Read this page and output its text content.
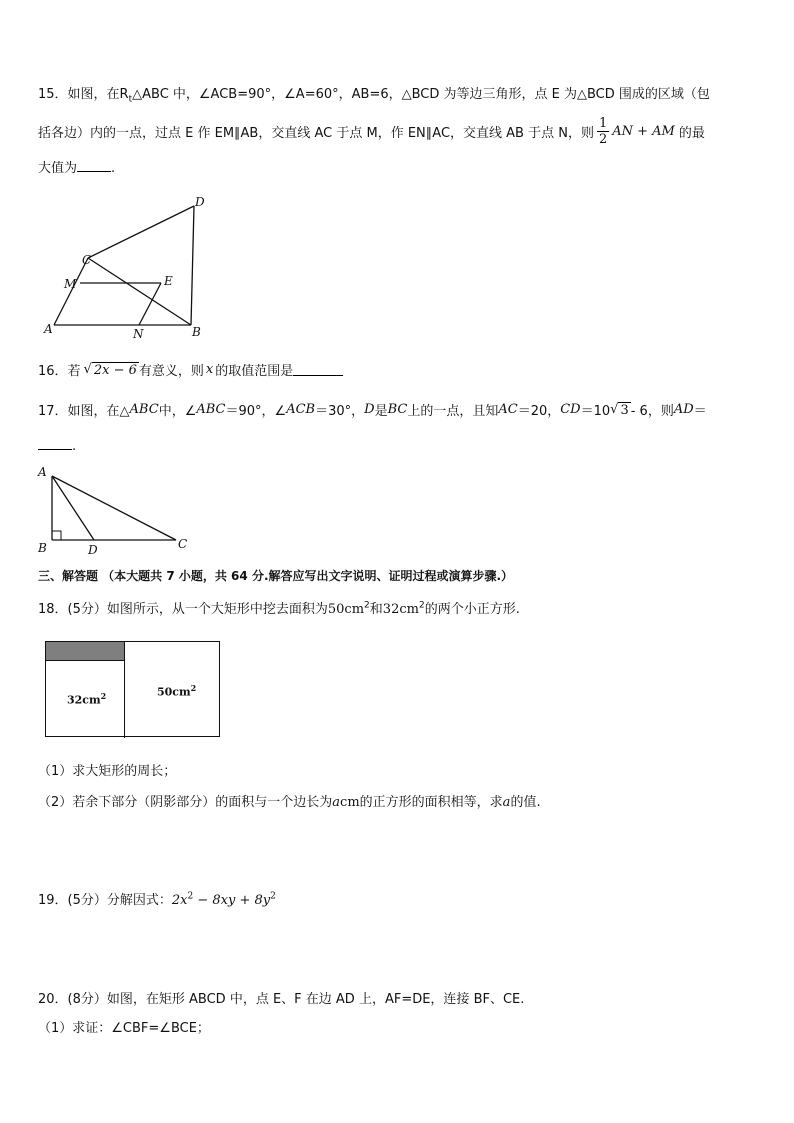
15．如图，在$R_t\triangle ABC$ 中，∠ACB=90°，∠A=60°，AB=6，△BCD 为等边三角形，点 E 为△BCD 围成的区域（包
括各边）内的一点，过点 E 作 EM∥AB，交直线 AC 于点 M，作 EN∥AC，交直线 AB 于点 N，则 $\frac{1}{2}$ AN + AM 的最
大值为	.
A	B
C
D
E
M
N
16．若 √ 2x − 6 有意义，则 x 的取值范围是
17．如图，在△ ABC 中，∠ ABC ＝90°，∠ ACB ＝30°， D 是 BC 上的一点，且知 AC ＝20， CD ＝10 √ 3 - 6，则 AD ＝
.
A
B	C
D
三、解答题 （本大题共 7 小题，共 64 分.解答应写出文字说明、证明过程或演算步骤.）
18．(5分）如图所示，从一个大矩形中挖去面积为$50cm^2$和$32cm^2$的两个小正方形.
$32cm^2$	$50cm^2$
（1）求大矩形的周长；
（2）若余下部分（阴影部分）的面积与一个边长为acm的正方形的面积相等，求a的值.
19．(5分）分解因式：$2x^2 - 8xy + 8y^2$
20．(8分）如图，在矩形 ABCD 中，点 E、F 在边 AD 上，AF=DE，连接 BF、CE.
（1）求证：∠CBF=∠BCE；
